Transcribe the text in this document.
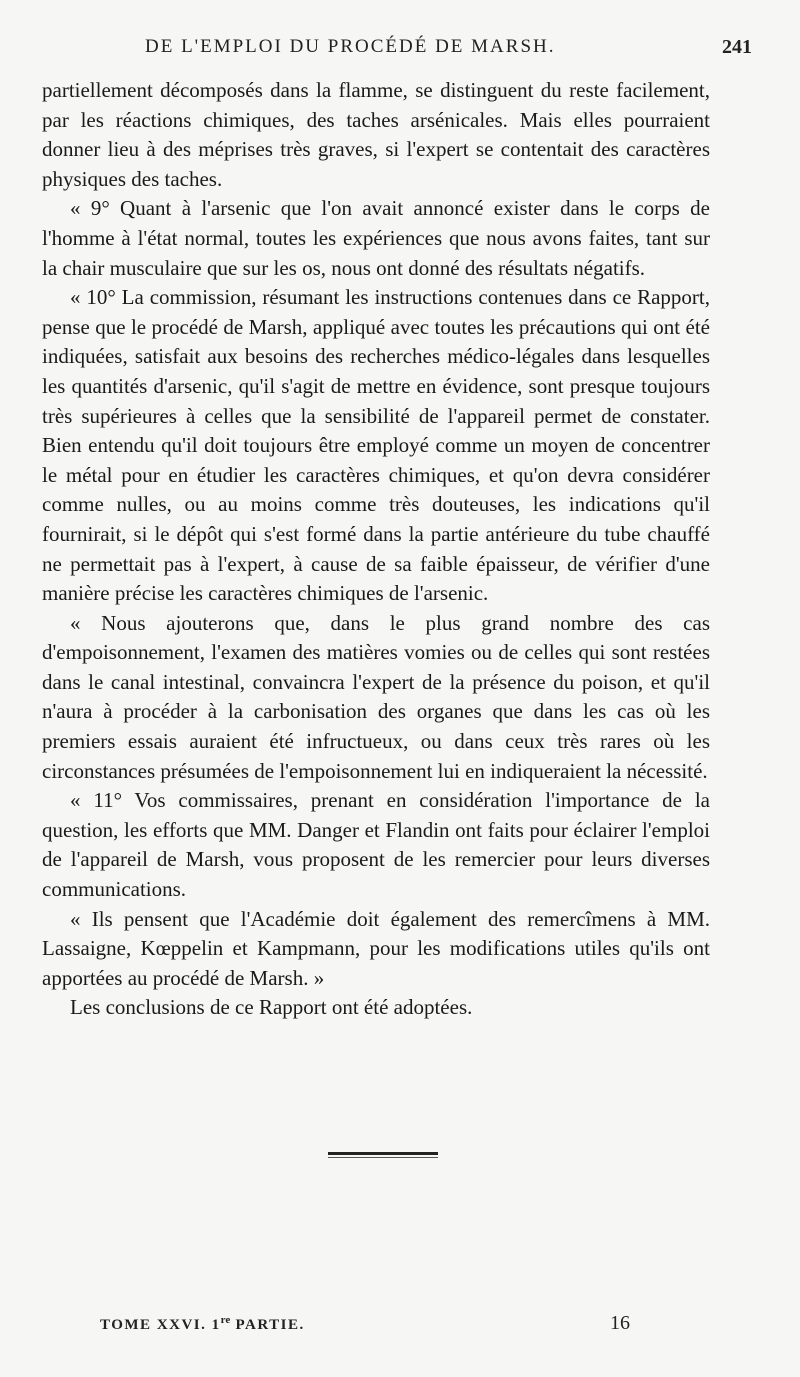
DE L'EMPLOI DU PROCÉDÉ DE MARSH.	241

partiellement décomposés dans la flamme, se distinguent du reste facilement, par les réactions chimiques, des taches arsénicales. Mais elles pourraient donner lieu à des méprises très graves, si l'expert se contentait des caractères physiques des taches.

« 9° Quant à l'arsenic que l'on avait annoncé exister dans le corps de l'homme à l'état normal, toutes les expériences que nous avons faites, tant sur la chair musculaire que sur les os, nous ont donné des résultats négatifs.

« 10° La commission, résumant les instructions contenues dans ce Rapport, pense que le procédé de Marsh, appliqué avec toutes les précautions qui ont été indiquées, satisfait aux besoins des recherches médico-légales dans lesquelles les quantités d'arsenic, qu'il s'agit de mettre en évidence, sont presque toujours très supérieures à celles que la sensibilité de l'appareil permet de constater. Bien entendu qu'il doit toujours être employé comme un moyen de concentrer le métal pour en étudier les caractères chimiques, et qu'on devra considérer comme nulles, ou au moins comme très douteuses, les indications qu'il fournirait, si le dépôt qui s'est formé dans la partie antérieure du tube chauffé ne permettait pas à l'expert, à cause de sa faible épaisseur, de vérifier d'une manière précise les caractères chimiques de l'arsenic.

« Nous ajouterons que, dans le plus grand nombre des cas d'empoisonnement, l'examen des matières vomies ou de celles qui sont restées dans le canal intestinal, convaincra l'expert de la présence du poison, et qu'il n'aura à procéder à la carbonisation des organes que dans les cas où les premiers essais auraient été infructueux, ou dans ceux très rares où les circonstances présumées de l'empoisonnement lui en indiqueraient la nécessité.

« 11° Vos commissaires, prenant en considération l'importance de la question, les efforts que MM. Danger et Flandin ont faits pour éclairer l'emploi de l'appareil de Marsh, vous proposent de les remercier pour leurs diverses communications.

« Ils pensent que l'Académie doit également des remercîmens à MM. Lassaigne, Kœppelin et Kampmann, pour les modifications utiles qu'ils ont apportées au procédé de Marsh. »

Les conclusions de ce Rapport ont été adoptées.

TOME XXVI. 1re PARTIE.	16
